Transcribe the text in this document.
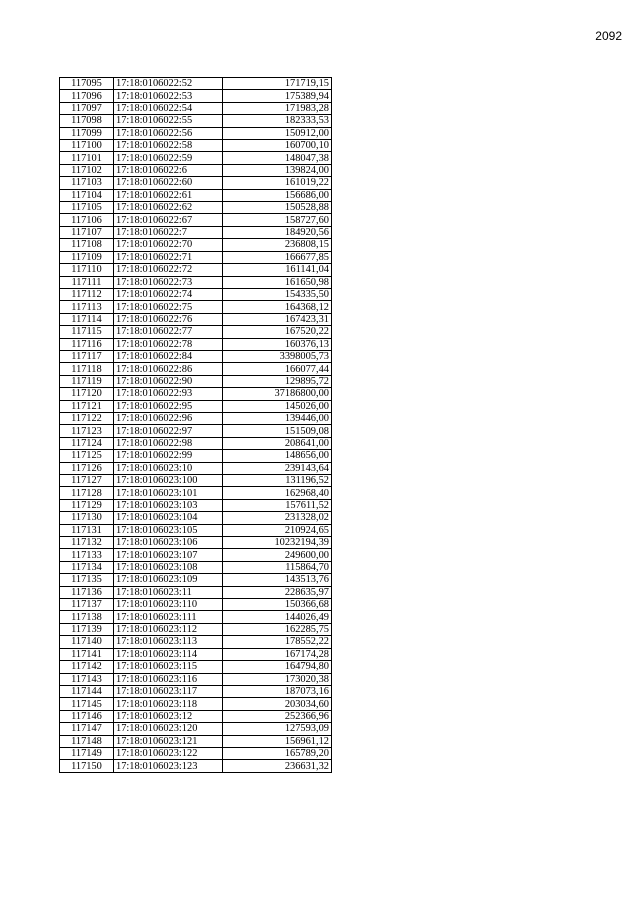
2092
117095	17:18:0106022:52	171719,15
117096	17:18:0106022:53	175389,94
117097	17:18:0106022:54	171983,28
117098	17:18:0106022:55	182333,53
117099	17:18:0106022:56	150912,00
117100	17:18:0106022:58	160700,10
117101	17:18:0106022:59	148047,38
117102	17:18:0106022:6	139824,00
117103	17:18:0106022:60	161019,22
117104	17:18:0106022:61	156686,00
117105	17:18:0106022:62	150528,88
117106	17:18:0106022:67	158727,60
117107	17:18:0106022:7	184920,56
117108	17:18:0106022:70	236808,15
117109	17:18:0106022:71	166677,85
117110	17:18:0106022:72	161141,04
117111	17:18:0106022:73	161650,98
117112	17:18:0106022:74	154335,50
117113	17:18:0106022:75	164368,12
117114	17:18:0106022:76	167423,31
117115	17:18:0106022:77	167520,22
117116	17:18:0106022:78	160376,13
117117	17:18:0106022:84	3398005,73
117118	17:18:0106022:86	166077,44
117119	17:18:0106022:90	129895,72
117120	17:18:0106022:93	37186800,00
117121	17:18:0106022:95	145026,00
117122	17:18:0106022:96	139446,00
117123	17:18:0106022:97	151509,08
117124	17:18:0106022:98	208641,00
117125	17:18:0106022:99	148656,00
117126	17:18:0106023:10	239143,64
117127	17:18:0106023:100	131196,52
117128	17:18:0106023:101	162968,40
117129	17:18:0106023:103	157611,52
117130	17:18:0106023:104	231328,02
117131	17:18:0106023:105	210924,65
117132	17:18:0106023:106	10232194,39
117133	17:18:0106023:107	249600,00
117134	17:18:0106023:108	115864,70
117135	17:18:0106023:109	143513,76
117136	17:18:0106023:11	228635,97
117137	17:18:0106023:110	150366,68
117138	17:18:0106023:111	144026,49
117139	17:18:0106023:112	162285,75
117140	17:18:0106023:113	178552,22
117141	17:18:0106023:114	167174,28
117142	17:18:0106023:115	164794,80
117143	17:18:0106023:116	173020,38
117144	17:18:0106023:117	187073,16
117145	17:18:0106023:118	203034,60
117146	17:18:0106023:12	252366,96
117147	17:18:0106023:120	127593,09
117148	17:18:0106023:121	156961,12
117149	17:18:0106023:122	165789,20
117150	17:18:0106023:123	236631,32
